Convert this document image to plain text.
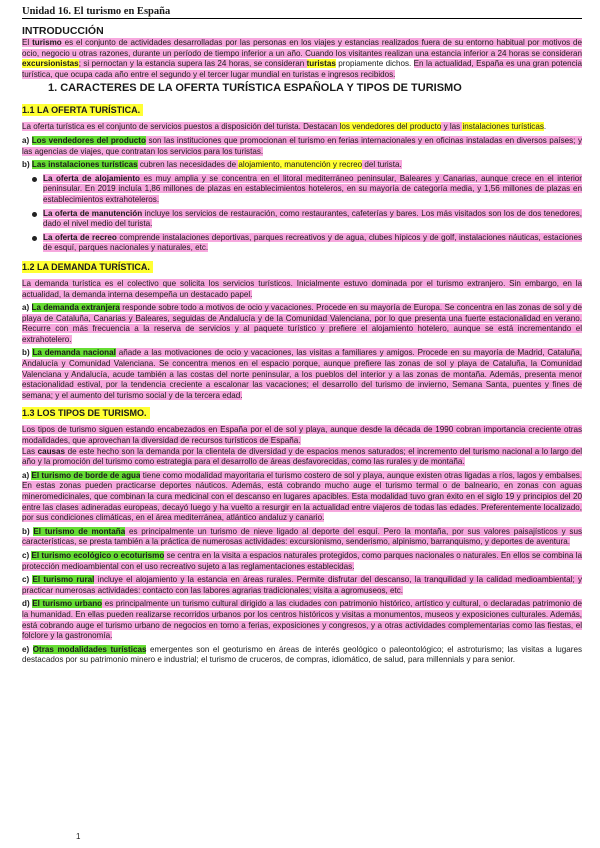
Unidad 16. El turismo en España
INTRODUCCIÓN

El turismo es el conjunto de actividades desarrolladas por las personas en los viajes y estancias realizados fuera de su entorno habitual por motivos de ocio, negocio u otras razones, durante un período de tiempo inferior a un año. Cuando los visitantes realizan una estancia inferior a 24 horas se consideran excursionistas; si pernoctan y la estancia supera las 24 horas, se consideran turistas propiamente dichos. En la actualidad, España es una gran potencia turística, que ocupa cada año entre el segundo y el tercer lugar mundial en turistas e ingresos recibidos.

1. CARACTERES DE LA OFERTA TURÍSTICA ESPAÑOLA Y TIPOS DE TURISMO
1.1 LA OFERTA TURÍSTICA.

La oferta turística es el conjunto de servicios puestos a disposición del turista. Destacan los vendedores del producto y las instalaciones turísticas.

a) Los vendedores del producto son las instituciones que promocionan el turismo en ferias internacionales y en oficinas instaladas en diversos países; y las agencias de viajes, que contratan los servicios para los turistas.

b) Las instalaciones turísticas cubren las necesidades de alojamiento, manutención y recreo del turista.

La oferta de alojamiento es muy amplia y se concentra en el litoral mediterráneo peninsular, Baleares y Canarias, aunque crece en el interior peninsular. En 2019 incluía 1,86 millones de plazas en establecimientos hoteleros, en su mayoría de categoría media, y 1,56 millones de plazas en establecimientos extrahoteleros.

La oferta de manutención incluye los servicios de restauración, como restaurantes, cafeterías y bares. Los más visitados son los de dos tenedores, dado el nivel medio del turista.

La oferta de recreo comprende instalaciones deportivas, parques recreativos y de agua, clubes hípicos y de golf, instalaciones náuticas, estaciones de esquí, parques nacionales y naturales, etc.

1.2 LA DEMANDA TURÍSTICA.

La demanda turística es el colectivo que solicita los servicios turísticos. Inicialmente estuvo dominada por el turismo extranjero. Sin embargo, en la actualidad, la demanda interna desempeña un destacado papel.

a) La demanda extranjera responde sobre todo a motivos de ocio y vacaciones. Procede en su mayoría de Europa. Se concentra en las zonas de sol y de playa de Cataluña, Canarias y Baleares, seguidas de Andalucía y de la Comunidad Valenciana, por lo que presenta una fuerte estacionalidad en verano. Recurre con más frecuencia a la reserva de servicios y al paquete turístico y prefiere el alojamiento hotelero, aunque se está incrementando el extrahotelero.

b) La demanda nacional añade a las motivaciones de ocio y vacaciones, las visitas a familiares y amigos. Procede en su mayoría de Madrid, Cataluña, Andalucía y Comunidad Valenciana. Se concentra menos en el espacio porque, aunque prefiere las zonas de sol y playa de Cataluña, la Comunidad Valenciana y Andalucía, acude también a las costas del norte peninsular, a los pueblos del interior y a las zonas de montaña. Además, presenta menor estacionalidad estival, por la tendencia creciente a escalonar las vacaciones; el desarrollo del turismo de invierno, Semana Santa, puentes y fines de semana; y el aumento del turismo social y de la tercera edad.

1.3 LOS TIPOS DE TURISMO.

Los tipos de turismo siguen estando encabezados en España por el de sol y playa, aunque desde la década de 1990 cobran importancia creciente otras modalidades, que aprovechan la diversidad de recursos turísticos de España.

Las causas de este hecho son la demanda por la clientela de diversidad y de espacios menos saturados; el incremento del turismo nacional a lo largo del año y la promoción del turismo como estrategia para el desarrollo de áreas desfavorecidas, como las rurales y de montaña.

a) El turismo de borde de agua tiene como modalidad mayoritaria el turismo costero de sol y playa, aunque existen otras ligadas a ríos, lagos y embalses. En estas zonas pueden practicarse deportes náuticos. Además, está cobrando mucho auge el turismo termal o de balneario, en zonas con aguas mineromedicinales, que combinan la cura medicinal con el descanso en lugares apacibles. Esta modalidad tuvo gran éxito en el siglo 19 y principios del 20 entre las clases adineradas europeas, decayó luego y ha vuelto a resurgir en la actualidad entre viajeros de todas las edades. Preferentemente localizado, por sus condiciones climáticas, en el área mediterránea, atlántico andaluz y canario.

b) El turismo de montaña es principalmente un turismo de nieve ligado al deporte del esquí. Pero la montaña, por sus valores paisajísticos y sus características, se presta también a la práctica de numerosas actividades: excursionismo, senderismo, alpinismo, barranquismo, y deportes de aventura.

c) El turismo ecológico o ecoturismo se centra en la visita a espacios naturales protegidos, como parques nacionales o naturales. En ellos se combina la protección medioambiental con el uso recreativo sujeto a las reglamentaciones establecidas.

c) El turismo rural incluye el alojamiento y la estancia en áreas rurales. Permite disfrutar del descanso, la tranquilidad y la calidad medioambiental; y practicar numerosas actividades: contacto con las labores agrarias tradicionales; visita a agromuseos, etc.

d) El turismo urbano es principalmente un turismo cultural dirigido a las ciudades con patrimonio histórico, artístico y cultural, o declaradas patrimonio de la humanidad. En ellas pueden realizarse recorridos urbanos por los centros históricos y visitas a monumentos, museos y exposiciones culturales. Además, está cobrando auge el turismo urbano de negocios en torno a ferias, exposiciones y congresos, y a otras actividades complementarias como las fiestas, el folclore y la gastronomía.

e) Otras modalidades turísticas emergentes son el geoturismo en áreas de interés geológico o paleontológico; el astroturismo; las visitas a lugares destacados por su patrimonio minero e industrial; el turismo de cruceros, de compras, idiomático, de salud, para millennials y para senior.

1
